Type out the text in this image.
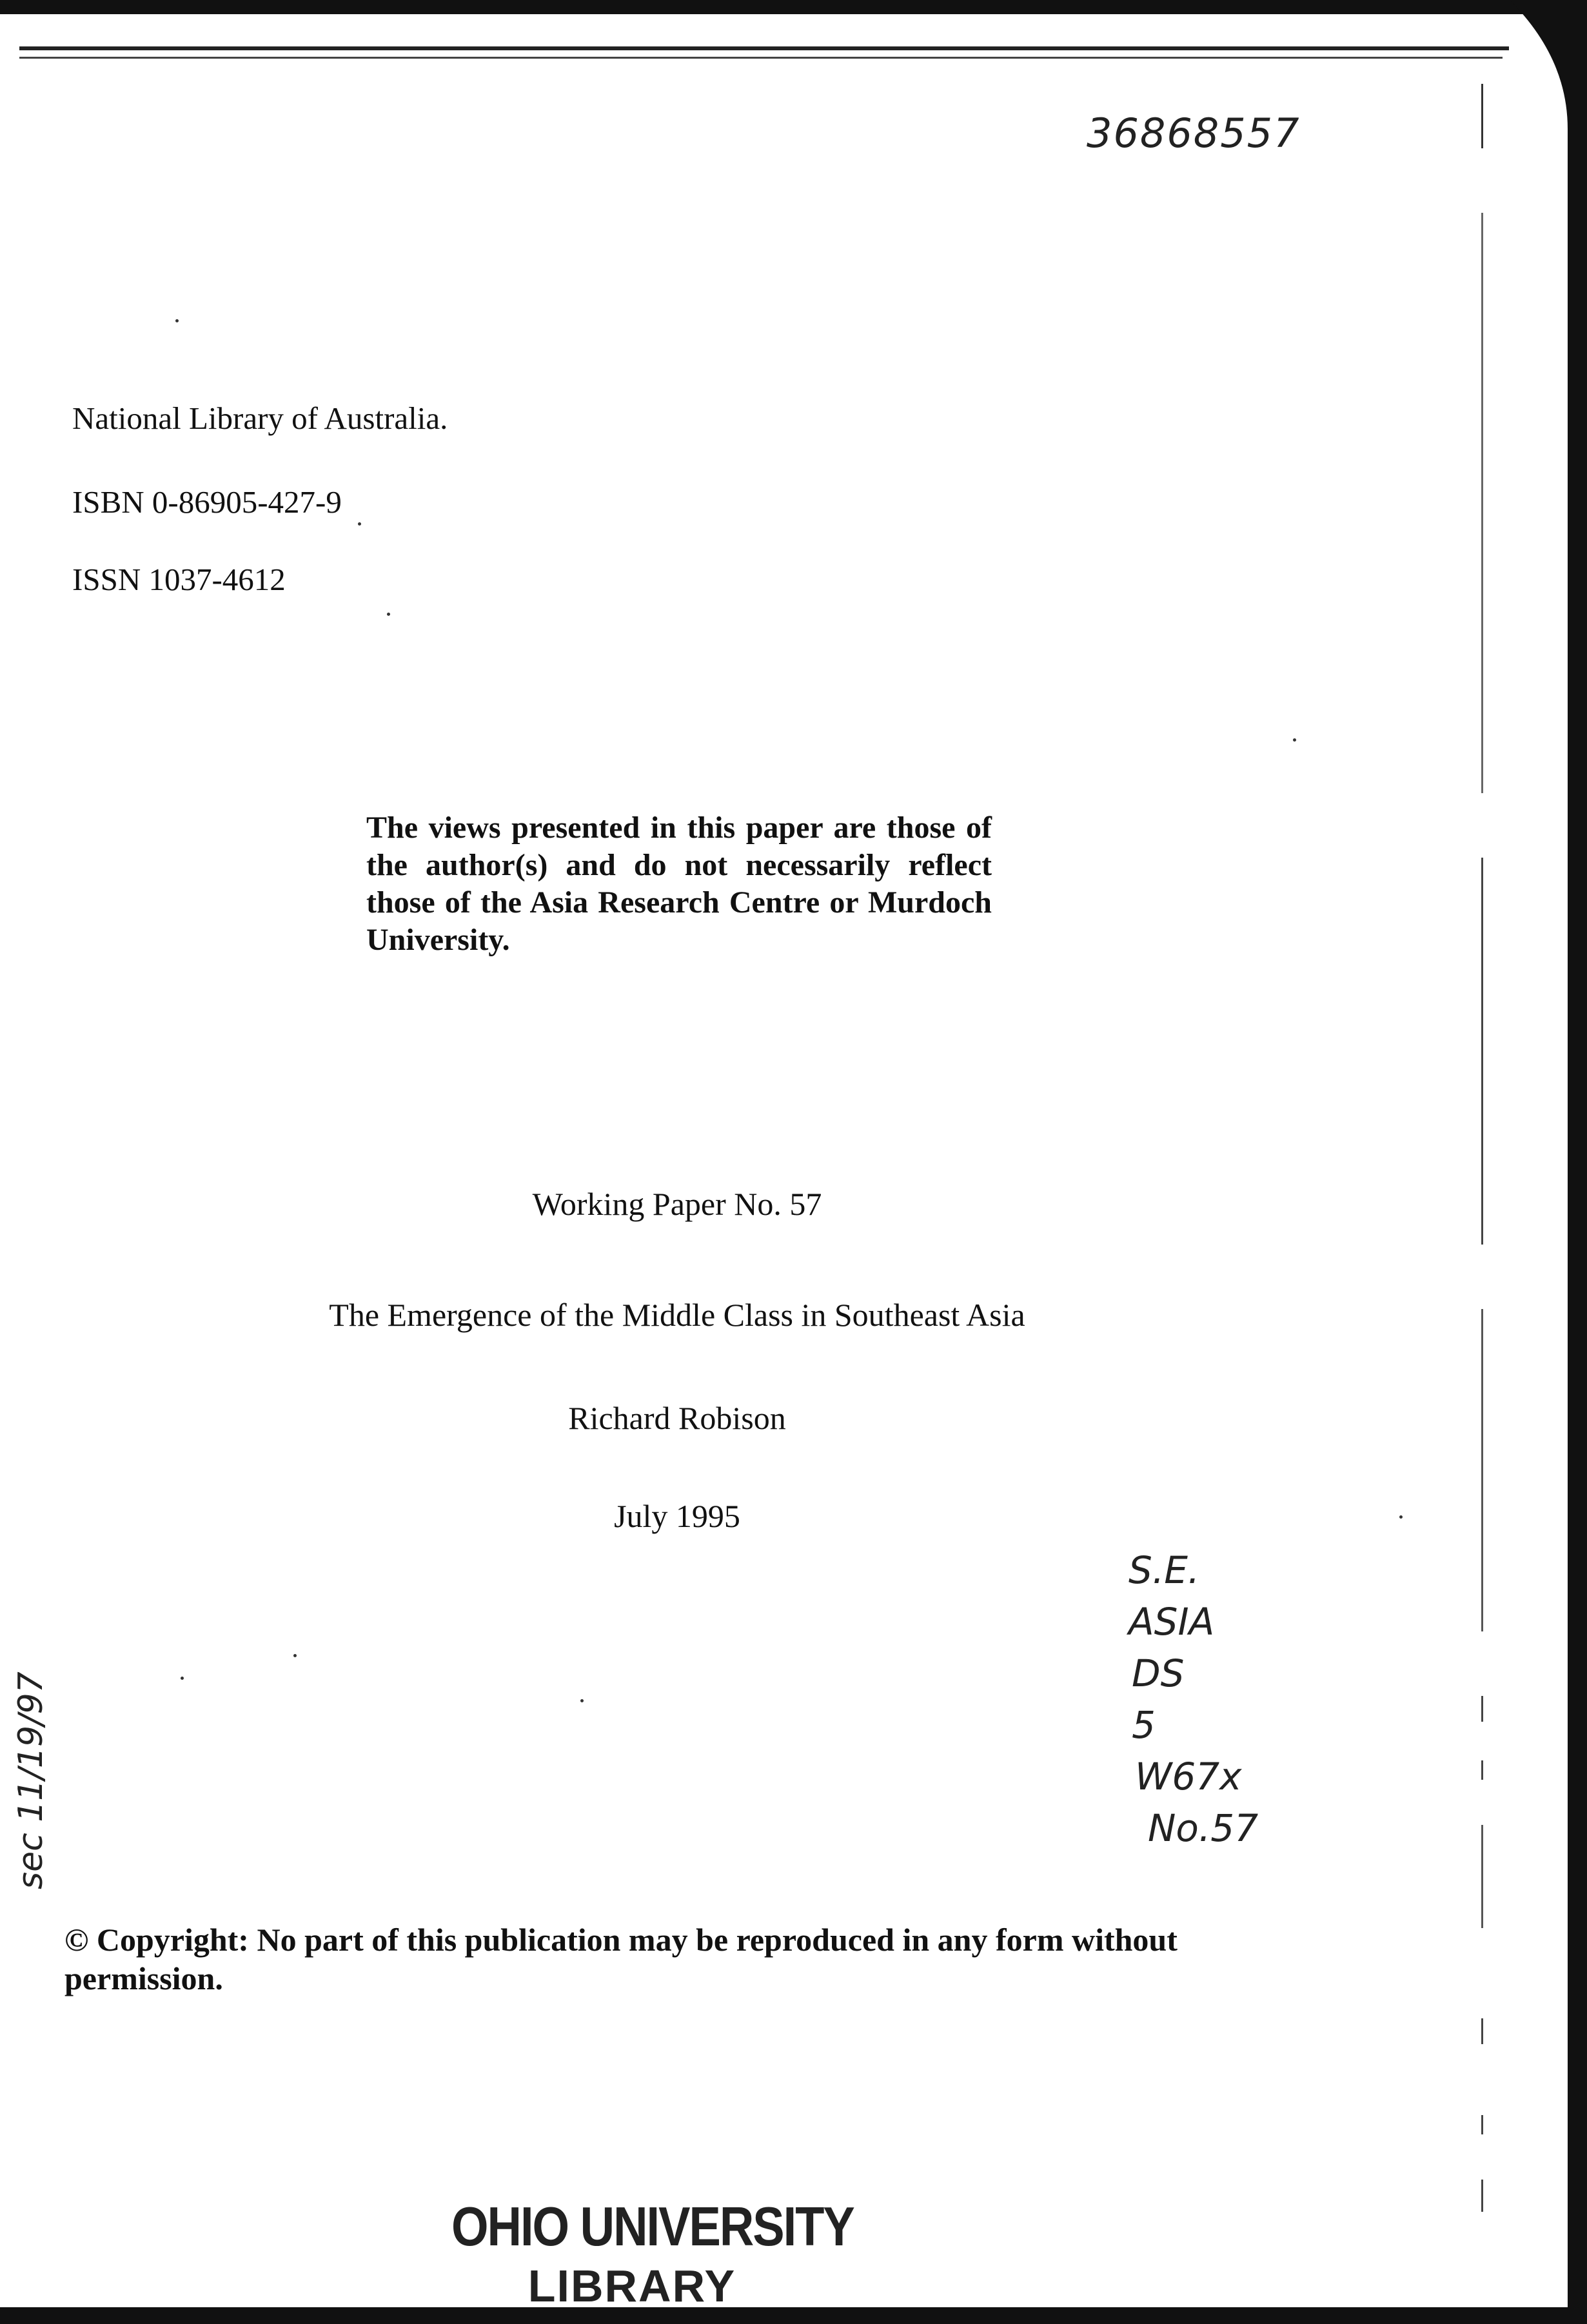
36868557
National Library of Australia.
ISBN 0-86905-427-9
ISSN 1037-4612

The views presented in this paper are those of the author(s) and do not necessarily reflect those of the Asia Research Centre or Murdoch University.

Working Paper No. 57
The Emergence of the Middle Class in Southeast Asia
Richard Robison
July 1995
S.E.
ASIA
DS
5
W67x
No.57
sec 11/19/97

© Copyright: No part of this publication may be reproduced in any form without permission.

OHIO UNIVERSITY
LIBRARY
